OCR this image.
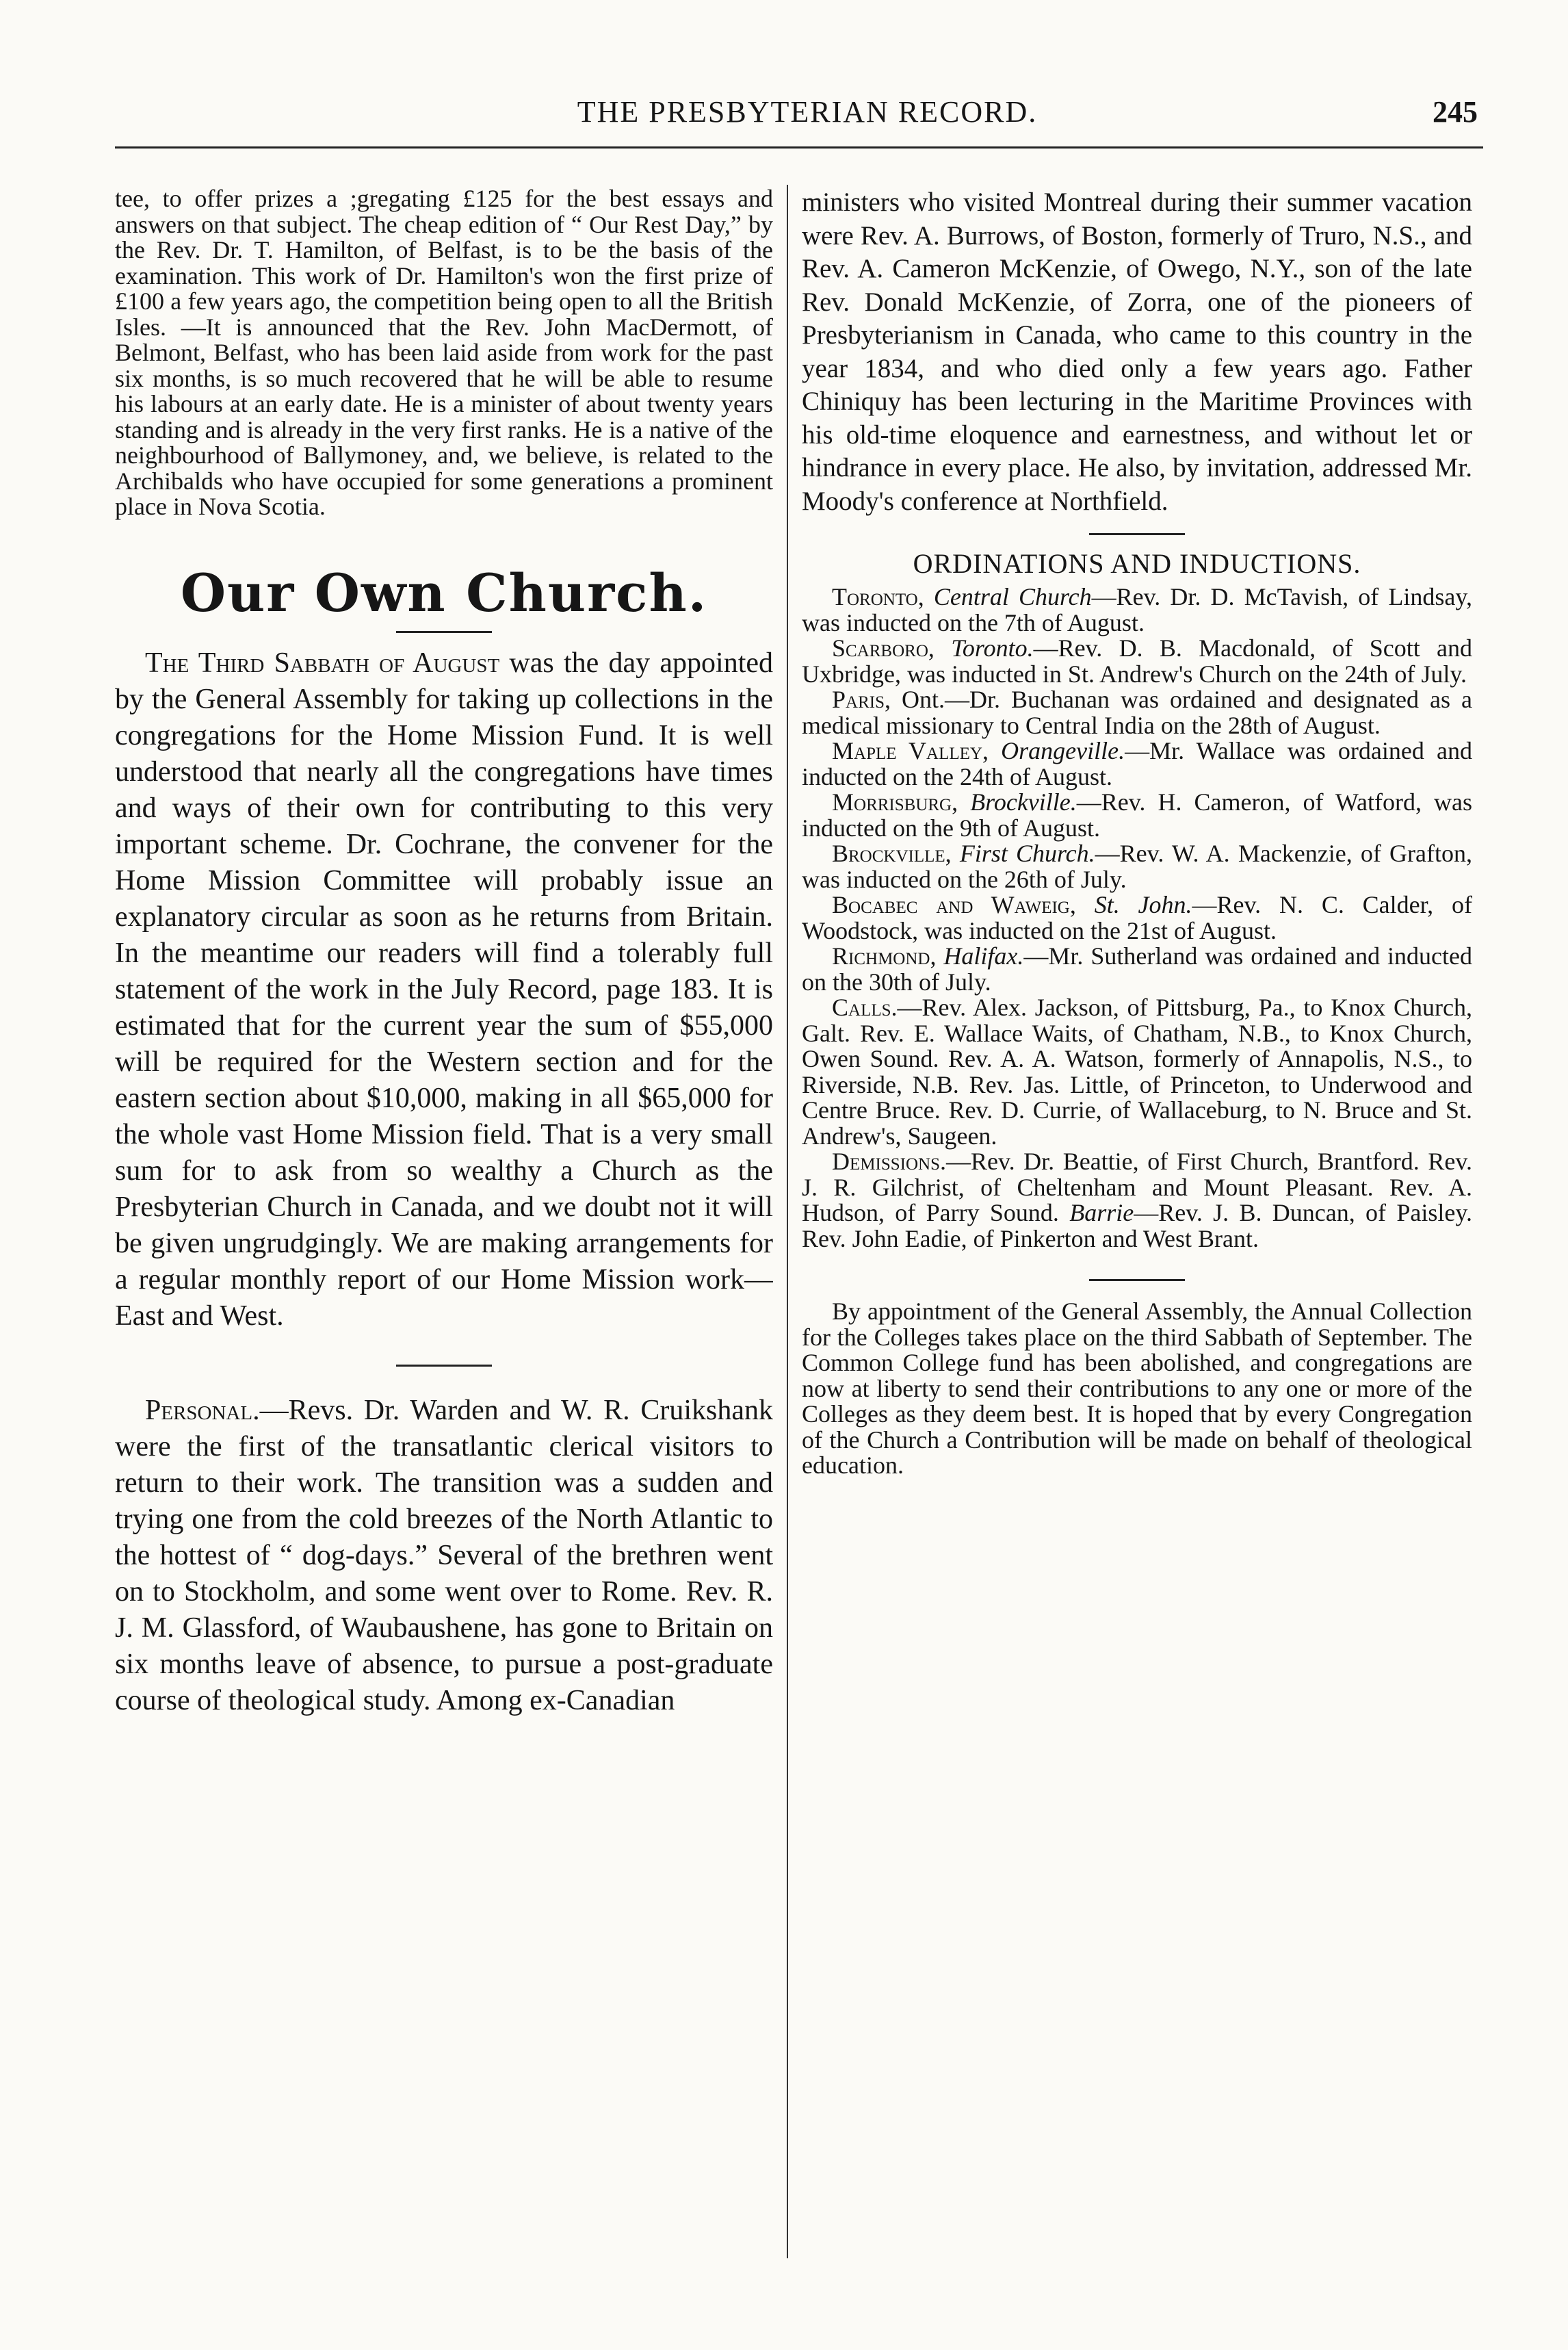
THE PRESBYTERIAN RECORD.	245

tee, to offer prizes a ;gregating £125 for the best essays and answers on that subject. The cheap edition of “ Our Rest Day,” by the Rev. Dr. T. Hamilton, of Belfast, is to be the basis of the examination. This work of Dr. Hamilton's won the first prize of £100 a few years ago, the competition being open to all the British Isles. —It is announced that the Rev. John MacDermott, of Belmont, Belfast, who has been laid aside from work for the past six months, is so much recovered that he will be able to resume his labours at an early date. He is a minister of about twenty years standing and is already in the very first ranks. He is a native of the neighbourhood of Ballymoney, and, we believe, is related to the Archibalds who have occupied for some generations a prominent place in Nova Scotia.

Our Own Church.

The Third Sabbath of August was the day appointed by the General Assembly for taking up collections in the congregations for the Home Mission Fund. It is well understood that nearly all the congregations have times and ways of their own for contributing to this very important scheme. Dr. Cochrane, the convener for the Home Mission Committee will probably issue an explanatory circular as soon as he returns from Britain. In the meantime our readers will find a tolerably full statement of the work in the July Record, page 183. It is estimated that for the current year the sum of $55,000 will be required for the Western section and for the eastern section about $10,000, making in all $65,000 for the whole vast Home Mission field. That is a very small sum for to ask from so wealthy a Church as the Presbyterian Church in Canada, and we doubt not it will be given ungrudgingly. We are making arrangements for a regular monthly report of our Home Mission work—East and West.

Personal.—Revs. Dr. Warden and W. R. Cruikshank were the first of the transatlantic clerical visitors to return to their work. The transition was a sudden and trying one from the cold breezes of the North Atlantic to the hottest of “ dog-days.” Several of the brethren went on to Stockholm, and some went over to Rome. Rev. R. J. M. Glassford, of Waubaushene, has gone to Britain on six months leave of absence, to pursue a post-graduate course of theological study. Among ex-Canadian

ministers who visited Montreal during their summer vacation were Rev. A. Burrows, of Boston, formerly of Truro, N.S., and Rev. A. Cameron McKenzie, of Owego, N.Y., son of the late Rev. Donald McKenzie, of Zorra, one of the pioneers of Presbyterianism in Canada, who came to this country in the year 1834, and who died only a few years ago. Father Chiniquy has been lecturing in the Maritime Provinces with his old-time eloquence and earnestness, and without let or hindrance in every place. He also, by invitation, addressed Mr. Moody's conference at Northfield.

ORDINATIONS AND INDUCTIONS.

Toronto, Central Church—Rev. Dr. D. McTavish, of Lindsay, was inducted on the 7th of August.

Scarboro, Toronto.—Rev. D. B. Macdonald, of Scott and Uxbridge, was inducted in St. Andrew's Church on the 24th of July.

Paris, Ont.—Dr. Buchanan was ordained and designated as a medical missionary to Central India on the 28th of August.

Maple Valley, Orangeville.—Mr. Wallace was ordained and inducted on the 24th of August.

Morrisburg, Brockville.—Rev. H. Cameron, of Watford, was inducted on the 9th of August.

Brockville, First Church.—Rev. W. A. Mackenzie, of Grafton, was inducted on the 26th of July.

Bocabec and Waweig, St. John.—Rev. N. C. Calder, of Woodstock, was inducted on the 21st of August.

Richmond, Halifax.—Mr. Sutherland was ordained and inducted on the 30th of July.

Calls.—Rev. Alex. Jackson, of Pittsburg, Pa., to Knox Church, Galt. Rev. E. Wallace Waits, of Chatham, N.B., to Knox Church, Owen Sound. Rev. A. A. Watson, formerly of Annapolis, N.S., to Riverside, N.B. Rev. Jas. Little, of Princeton, to Underwood and Centre Bruce. Rev. D. Currie, of Wallaceburg, to N. Bruce and St. Andrew's, Saugeen.

Demissions.—Rev. Dr. Beattie, of First Church, Brantford. Rev. J. R. Gilchrist, of Cheltenham and Mount Pleasant. Rev. A. Hudson, of Parry Sound. Barrie—Rev. J. B. Duncan, of Paisley. Rev. John Eadie, of Pinkerton and West Brant.

By appointment of the General Assembly, the Annual Collection for the Colleges takes place on the third Sabbath of September. The Common College fund has been abolished, and congregations are now at liberty to send their contributions to any one or more of the Colleges as they deem best. It is hoped that by every Congregation of the Church a Contribution will be made on behalf of theological education.
